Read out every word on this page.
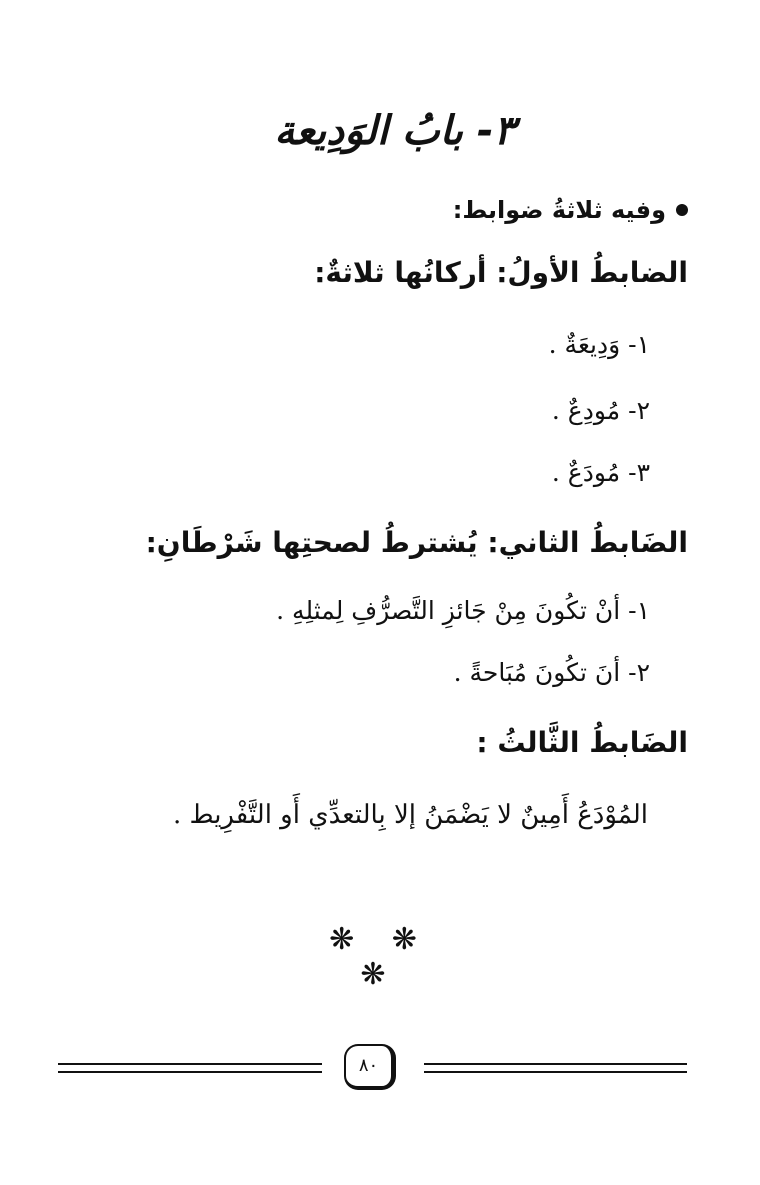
٣- بابُ الوَدِيعة
وفيه ثلاثةُ ضوابط:
الضابطُ الأولُ: أركانُها ثلاثةٌ:
١- وَدِيعَةٌ .
٢- مُودِعٌ .
٣- مُودَعٌ .
الضَابطُ الثاني: يُشترطُ لصحتِها شَرْطَانِ:
١- أنْ تكُونَ مِنْ جَائزِ التَّصرُّفِ لِمثلِهِ .
٢- أنَ تكُونَ مُبَاحةً .
الضَابطُ الثَّالثُ :
المُوْدَعُ أَمِينٌ لا يَضْمَنُ إلا بِالتعدِّي أَو التَّفْرِيط .
❋ ❋ ❋
٨٠
